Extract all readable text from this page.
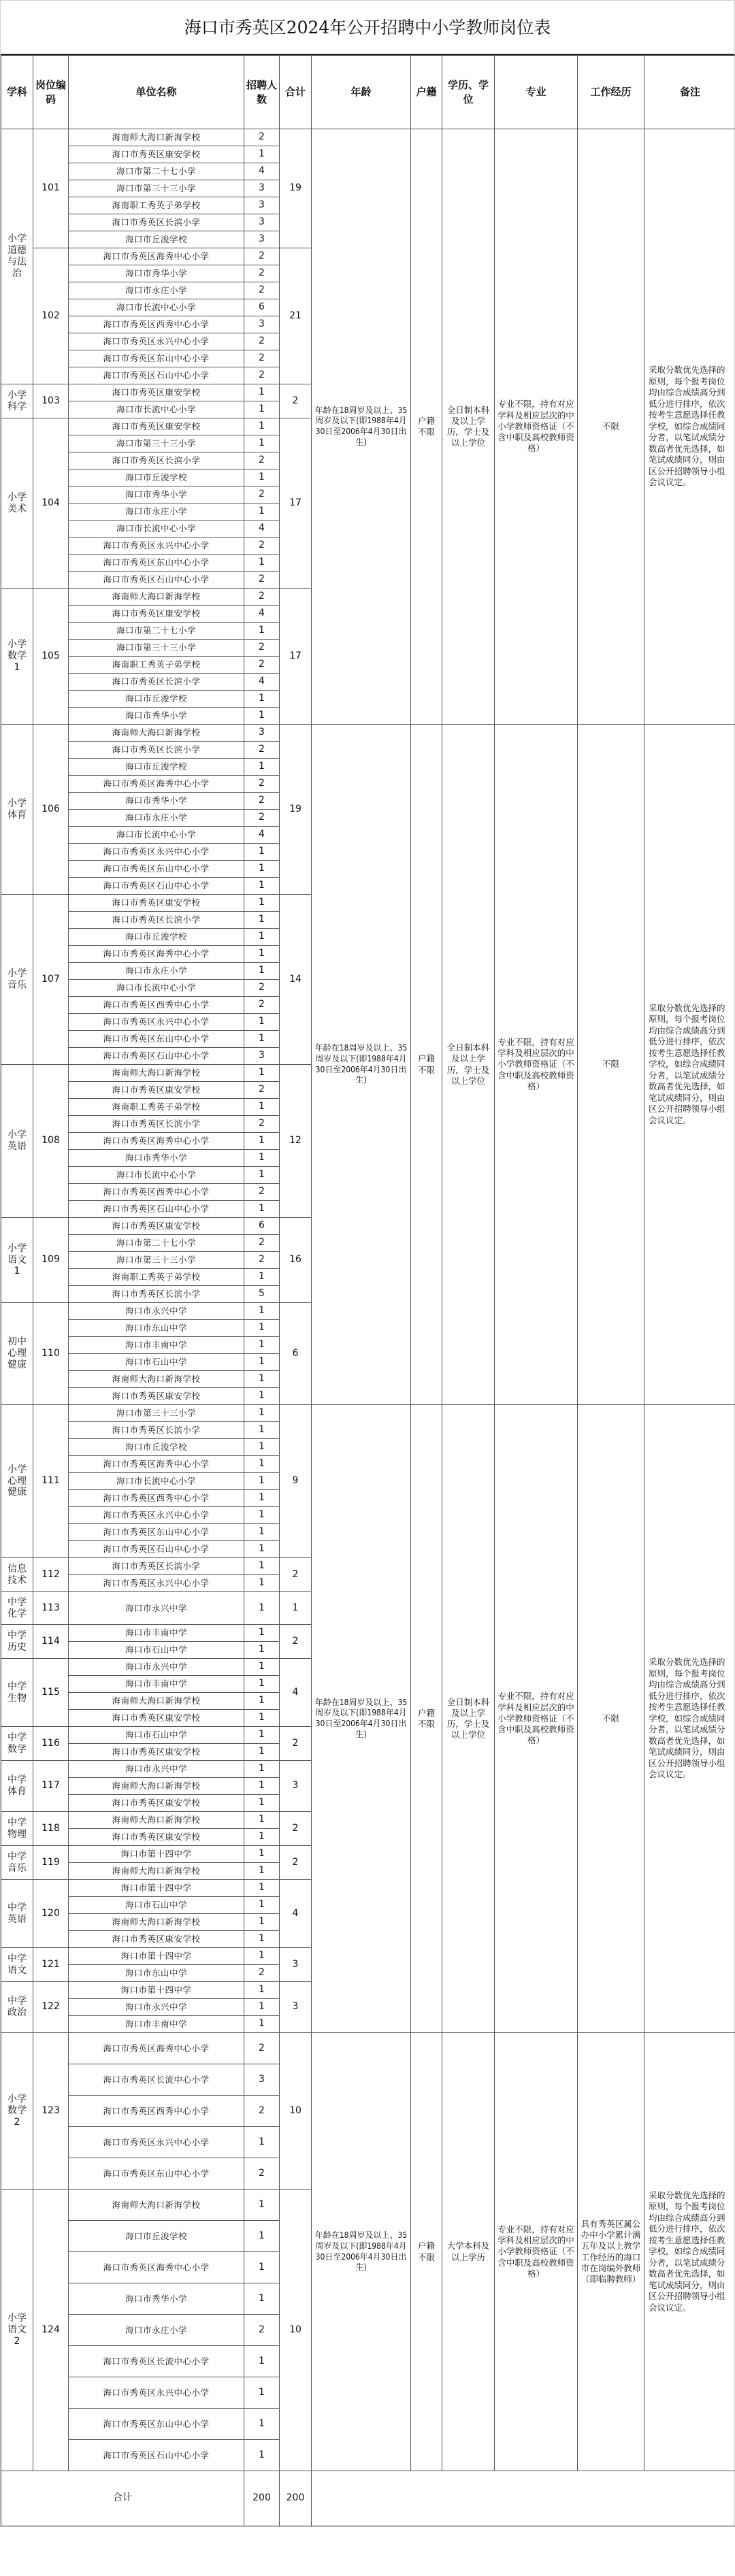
海口市秀英区2024年公开招聘中小学教师岗位表
学科	岗位编码	单位名称	招聘人数	合计	年龄	户籍	学历、学位	专业	工作经历	备注
小学道德与法治	101	海南师大海口新海学校	2	19	年龄在18周岁及以上、35周岁及以下(即1988年4月30日至2006年4月30日出生)	户籍不限	全日制本科及以上学历，学士及以上学位	专业不限，持有对应学科及相应层次的中小学教师资格证（不含中职及高校教师资格）	不限	采取分数优先选择的原则，每个报考岗位均由综合成绩高分到低分进行排序，依次按考生意愿选择任教学校，如综合成绩同分者，以笔试成绩分数高者优先选择，如笔试成绩同分，则由区公开招聘领导小组会议议定。
		海口市秀英区康安学校	1							
		海口市第二十七小学	4							
		海口市第三十三小学	3							
		海南职工秀英子弟学校	3							
		海口市秀英区长滨小学	3							
		海口市丘浚学校	3							
	102	海口市秀英区海秀中心小学	2	21						
		海口市秀华小学	2							
		海口市永庄小学	2							
		海口市长流中心小学	6							
		海口市秀英区西秀中心小学	3							
		海口市秀英区永兴中心小学	2							
		海口市秀英区东山中心小学	2							
		海口市秀英区石山中心小学	2							
小学科学	103	海口市秀英区康安学校	1	2						
		海口市长流中心小学	1							
小学美术	104	海口市秀英区康安学校	1	17						
		海口市第三十三小学	1							
		海口市秀英区长滨小学	2							
		海口市丘浚学校	1							
		海口市秀华小学	2							
		海口市永庄小学	1							
		海口市长流中心小学	4							
		海口市秀英区永兴中心小学	2							
		海口市秀英区东山中心小学	1							
		海口市秀英区石山中心小学	2							
小学数学1	105	海南师大海口新海学校	2	17						
		海口市秀英区康安学校	4							
		海口市第二十七小学	1							
		海口市第三十三小学	2							
		海南职工秀英子弟学校	2							
		海口市秀英区长滨小学	4							
		海口市丘浚学校	1							
		海口市秀华小学	1							
小学体育	106	海南师大海口新海学校	3	19	年龄在18周岁及以上、35周岁及以下(即1988年4月30日至2006年4月30日出生)	户籍不限	全日制本科及以上学历，学士及以上学位	专业不限，持有对应学科及相应层次的中小学教师资格证（不含中职及高校教师资格）	不限	采取分数优先选择的原则，每个报考岗位均由综合成绩高分到低分进行排序，依次按考生意愿选择任教学校，如综合成绩同分者，以笔试成绩分数高者优先选择，如笔试成绩同分，则由区公开招聘领导小组会议议定。
		海口市秀英区长滨小学	2							
		海口市丘浚学校	1							
		海口市秀英区海秀中心小学	2							
		海口市秀华小学	2							
		海口市永庄小学	2							
		海口市长流中心小学	4							
		海口市秀英区永兴中心小学	1							
		海口市秀英区东山中心小学	1							
		海口市秀英区石山中心小学	1							
小学音乐	107	海口市秀英区康安学校	1	14						
		海口市秀英区长滨小学	1							
		海口市丘浚学校	1							
		海口市秀英区海秀中心小学	1							
		海口市永庄小学	1							
		海口市长流中心小学	2							
		海口市秀英区西秀中心小学	2							
		海口市秀英区永兴中心小学	1							
		海口市秀英区东山中心小学	1							
		海口市秀英区石山中心小学	3							
小学英语	108	海南师大海口新海学校	1	12						
		海口市秀英区康安学校	2							
		海南职工秀英子弟学校	1							
		海口市秀英区长滨小学	2							
		海口市秀英区海秀中心小学	1							
		海口市秀华小学	1							
		海口市长流中心小学	1							
		海口市秀英区西秀中心小学	2							
		海口市秀英区石山中心小学	1							
小学语文1	109	海口市秀英区康安学校	6	16						
		海口市第二十七小学	2							
		海口市第三十三小学	2							
		海南职工秀英子弟学校	1							
		海口市秀英区长滨小学	5							
初中心理健康	110	海口市永兴中学	1	6						
		海口市东山中学	1							
		海口市丰南中学	1							
		海口市石山中学	1							
		海南师大海口新海学校	1							
		海口市秀英区康安学校	1							
小学心理健康	111	海口市第三十三小学	1	9	年龄在18周岁及以上、35周岁及以下(即1988年4月30日至2006年4月30日出生)	户籍不限	全日制本科及以上学历，学士及以上学位	专业不限，持有对应学科及相应层次的中小学教师资格证（不含中职及高校教师资格）	不限	采取分数优先选择的原则，每个报考岗位均由综合成绩高分到低分进行排序，依次按考生意愿选择任教学校，如综合成绩同分者，以笔试成绩分数高者优先选择，如笔试成绩同分，则由区公开招聘领导小组会议议定。
		海口市秀英区长滨小学	1							
		海口市丘浚学校	1							
		海口市秀英区海秀中心小学	1							
		海口市长流中心小学	1							
		海口市秀英区西秀中心小学	1							
		海口市秀英区永兴中心小学	1							
		海口市秀英区东山中心小学	1							
		海口市秀英区石山中心小学	1							
信息技术	112	海口市秀英区长滨小学	1	2						
		海口市秀英区永兴中心小学	1							
中学化学	113	海口市永兴中学	1	1						
中学历史	114	海口市丰南中学	1	2						
		海口市石山中学	1							
中学生物	115	海口市永兴中学	1	4						
		海口市丰南中学	1							
		海南师大海口新海学校	1							
		海口市秀英区康安学校	1							
中学数学	116	海口市石山中学	1	2						
		海口市秀英区康安学校	1							
中学体育	117	海口市永兴中学	1	3						
		海南师大海口新海学校	1							
		海口市秀英区康安学校	1							
中学物理	118	海南师大海口新海学校	1	2						
		海口市秀英区康安学校	1							
中学音乐	119	海口市第十四中学	1	2						
		海南师大海口新海学校	1							
中学英语	120	海口市第十四中学	1	4						
		海口市石山中学	1							
		海南师大海口新海学校	1							
		海口市秀英区康安学校	1							
中学语文	121	海口市第十四中学	1	3						
		海口市东山中学	2							
中学政治	122	海口市第十四中学	1	3						
		海口市永兴中学	1							
		海口市丰南中学	1							
小学数学2	123	海口市秀英区海秀中心小学	2	10	年龄在18周岁及以上、35周岁及以下(即1988年4月30日至2006年4月30日出生)	户籍不限	大学本科及以上学历	专业不限，持有对应学科及相应层次的中小学教师资格证（不含中职及高校教师资格）	具有秀英区属公办中小学累计满五年及以上教学工作经历的海口市在岗编外教师（即临聘教师）	采取分数优先选择的原则，每个报考岗位均由综合成绩高分到低分进行排序，依次按考生意愿选择任教学校，如综合成绩同分者，以笔试成绩分数高者优先选择，如笔试成绩同分，则由区公开招聘领导小组会议议定。
		海口市秀英区长流中心小学	3							
		海口市秀英区西秀中心小学	2							
		海口市秀英区永兴中心小学	1							
		海口市秀英区东山中心小学	2							
小学语文2	124	海南师大海口新海学校	1	10						
		海口市丘浚学校	1							
		海口市秀英区海秀中心小学	1							
		海口市秀华小学	1							
		海口市永庄小学	2							
		海口市秀英区长流中心小学	1							
		海口市秀英区永兴中心小学	1							
		海口市秀英区东山中心小学	1							
		海口市秀英区石山中心小学	1							
合计			200	200						
